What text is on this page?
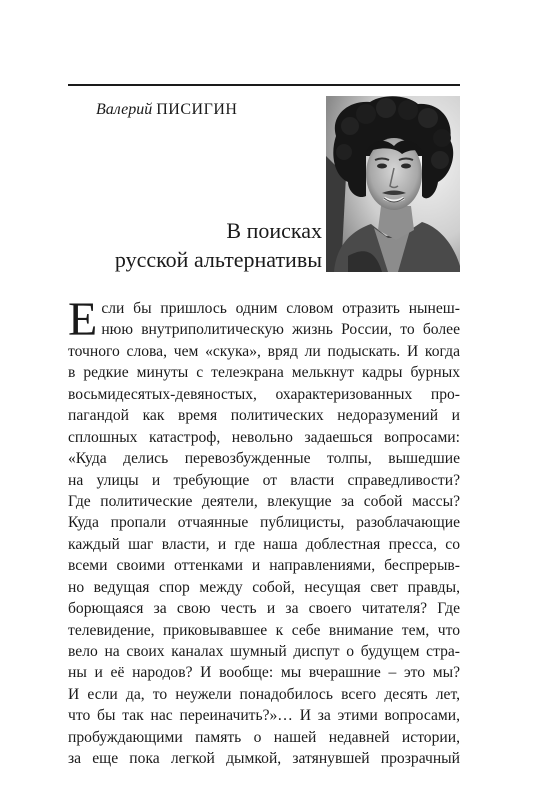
Валерий ПИСИГИН
В поисках
русской альтернативы
Е сли бы пришлось одним словом отразить нынеш-
нюю внутриполитическую жизнь России, то более
точного слова, чем «скука», вряд ли подыскать. И когда
в редкие минуты с телеэкрана мелькнут кадры бурных
восьмидесятых-девяностых, охарактеризованных про-
пагандой как время политических недоразумений и
сплошных катастроф, невольно задаешься вопросами:
«Куда делись перевозбужденные толпы, вышедшие
на улицы и требующие от власти справедливости?
Где политические деятели, влекущие за собой массы?
Куда пропали отчаянные публицисты, разоблачающие
каждый шаг власти, и где наша доблестная пресса, со
всеми своими оттенками и направлениями, беспрерыв-
но ведущая спор между собой, несущая свет правды,
борющаяся за свою честь и за своего читателя? Где
телевидение, приковывавшее к себе внимание тем, что
вело на своих каналах шумный диспут о будущем стра-
ны и её народов? И вообще: мы вчерашние – это мы?
И если да, то неужели понадобилось всего десять лет,
что бы так нас переиначить?»… И за этими вопросами,
пробуждающими память о нашей недавней истории,
за еще пока легкой дымкой, затянувшей прозрачный
